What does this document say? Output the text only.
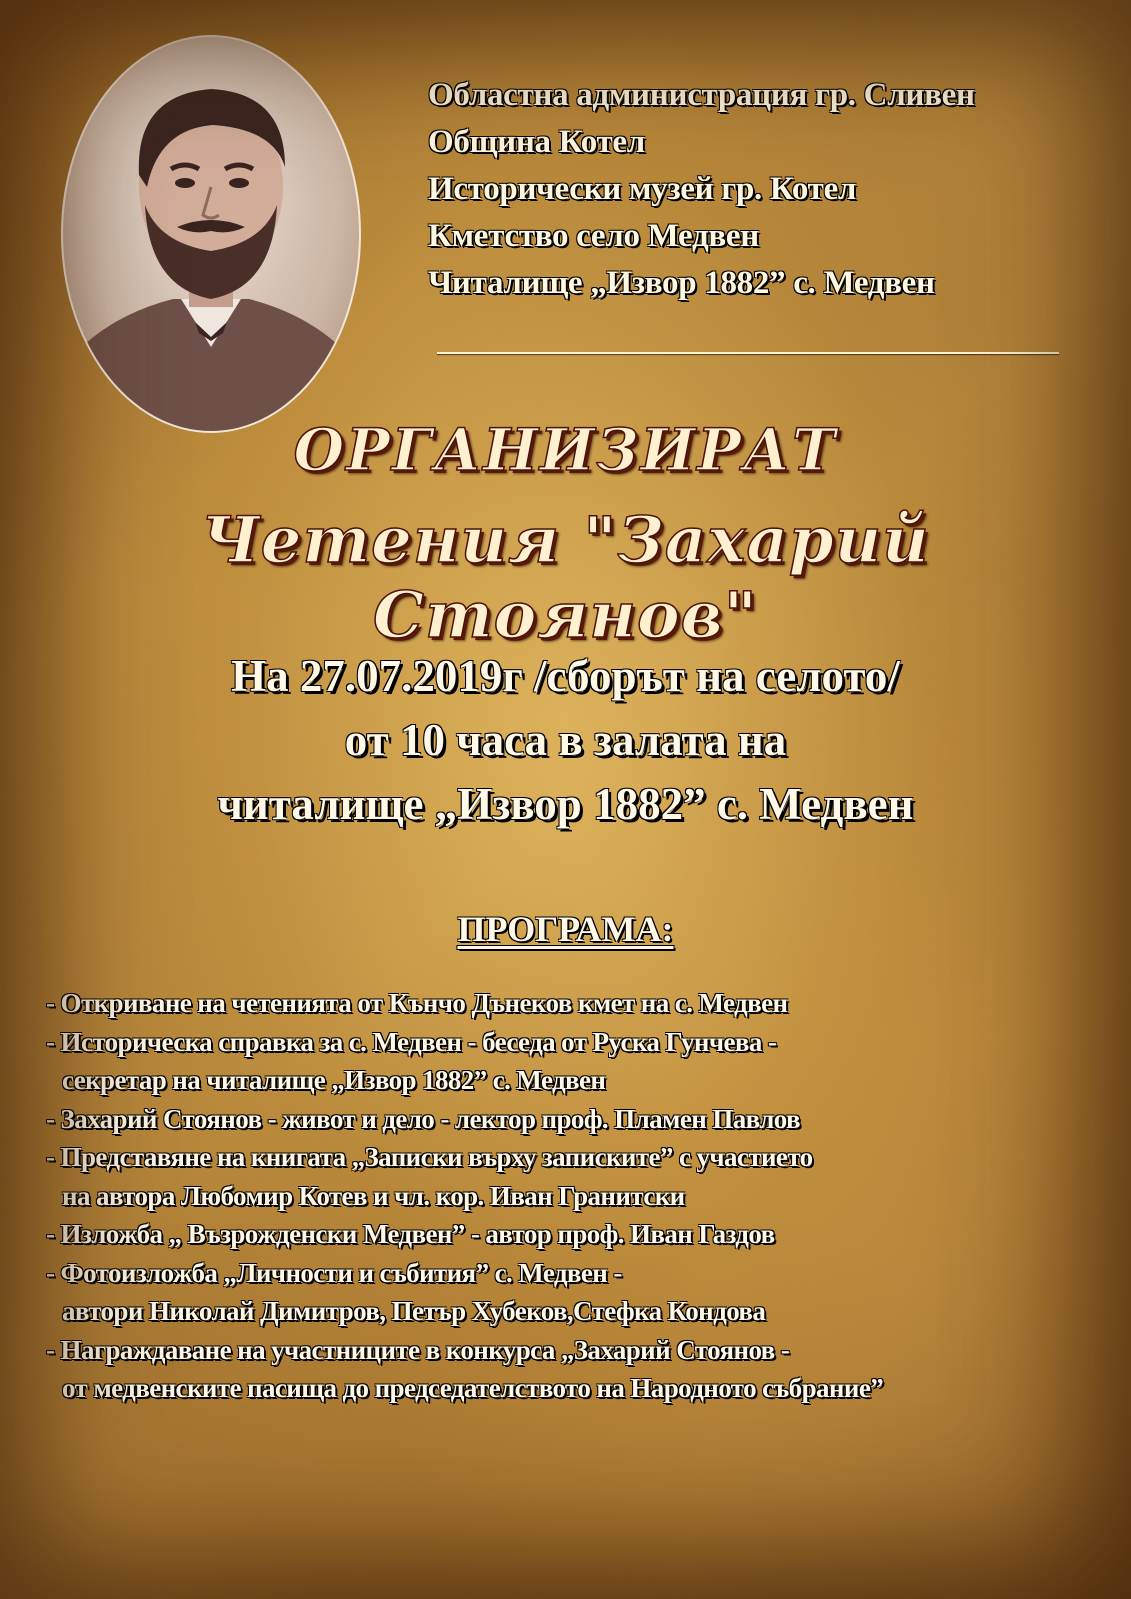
Областна администрация гр. Сливен
Община Котел
Исторически музей гр. Котел
Кметство село Медвен
Читалище „Извор 1882” с. Медвен
ОРГАНИЗИРАТ
Четения "Захарий Стоянов"
На 27.07.2019г /сборът на селото/
от 10 часа в залата на
читалище „Извор 1882” с. Медвен
ПРОГРАМА:
- Откриване на четенията от Кънчо Дънеков кмет на с. Медвен
- Историческа справка за с. Медвен - беседа от Руска Гунчева -
секретар на читалище „Извор 1882” с. Медвен
- Захарий Стоянов - живот и дело - лектор проф. Пламен Павлов
- Представяне на книгата „Записки върху записките” с участието
на автора Любомир Котев и чл. кор. Иван Гранитски
- Изложба „ Възрожденски Медвен” - автор проф. Иван Газдов
- Фотоизложба „Личности и събития” с. Медвен -
автори Николай Димитров, Петър Хубеков,Стефка Кондова
- Награждаване на участниците в конкурса „Захарий Стоянов -
от медвенските пасища до председателството на Народното събрание”
